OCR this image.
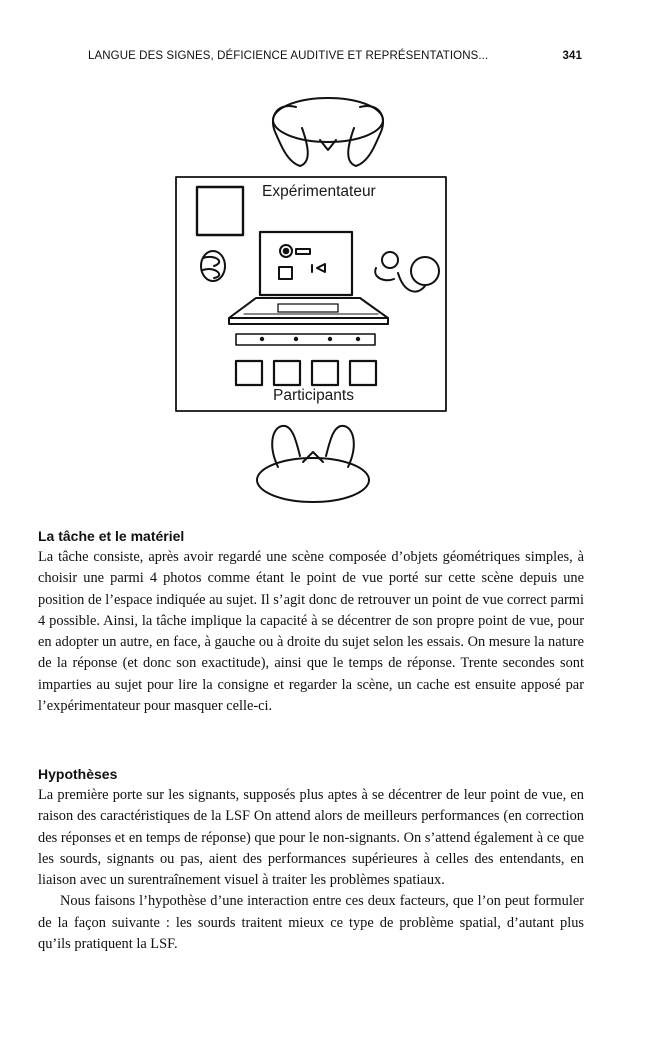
LANGUE DES SIGNES, DÉFICIENCE AUDITIVE ET REPRÉSENTATIONS...	341
Expérimentateur
Participants
La tâche et le matériel

La tâche consiste, après avoir regardé une scène composée d’objets géométriques simples, à choisir une parmi 4 photos comme étant le point de vue porté sur cette scène depuis une position de l’espace indiquée au sujet. Il s’agit donc de retrouver un point de vue correct parmi 4 possible. Ainsi, la tâche implique la capacité à se décentrer de son propre point de vue, pour en adopter un autre, en face, à gauche ou à droite du sujet selon les essais. On mesure la nature de la réponse (et donc son exactitude), ainsi que le temps de réponse. Trente secondes sont imparties au sujet pour lire la consigne et regarder la scène, un cache est ensuite apposé par l’expérimentateur pour masquer celle-ci.

Hypothèses

La première porte sur les signants, supposés plus aptes à se décentrer de leur point de vue, en raison des caractéristiques de la LSF On attend alors de meilleurs performances (en correction des réponses et en temps de réponse) que pour le non-signants. On s’attend également à ce que les sourds, signants ou pas, aient des performances supérieures à celles des entendants, en liaison avec un surentraînement visuel à traiter les problèmes spatiaux.

Nous faisons l’hypothèse d’une interaction entre ces deux facteurs, que l’on peut formuler de la façon suivante : les sourds traitent mieux ce type de problème spatial, d’autant plus qu’ils pratiquent la LSF.
